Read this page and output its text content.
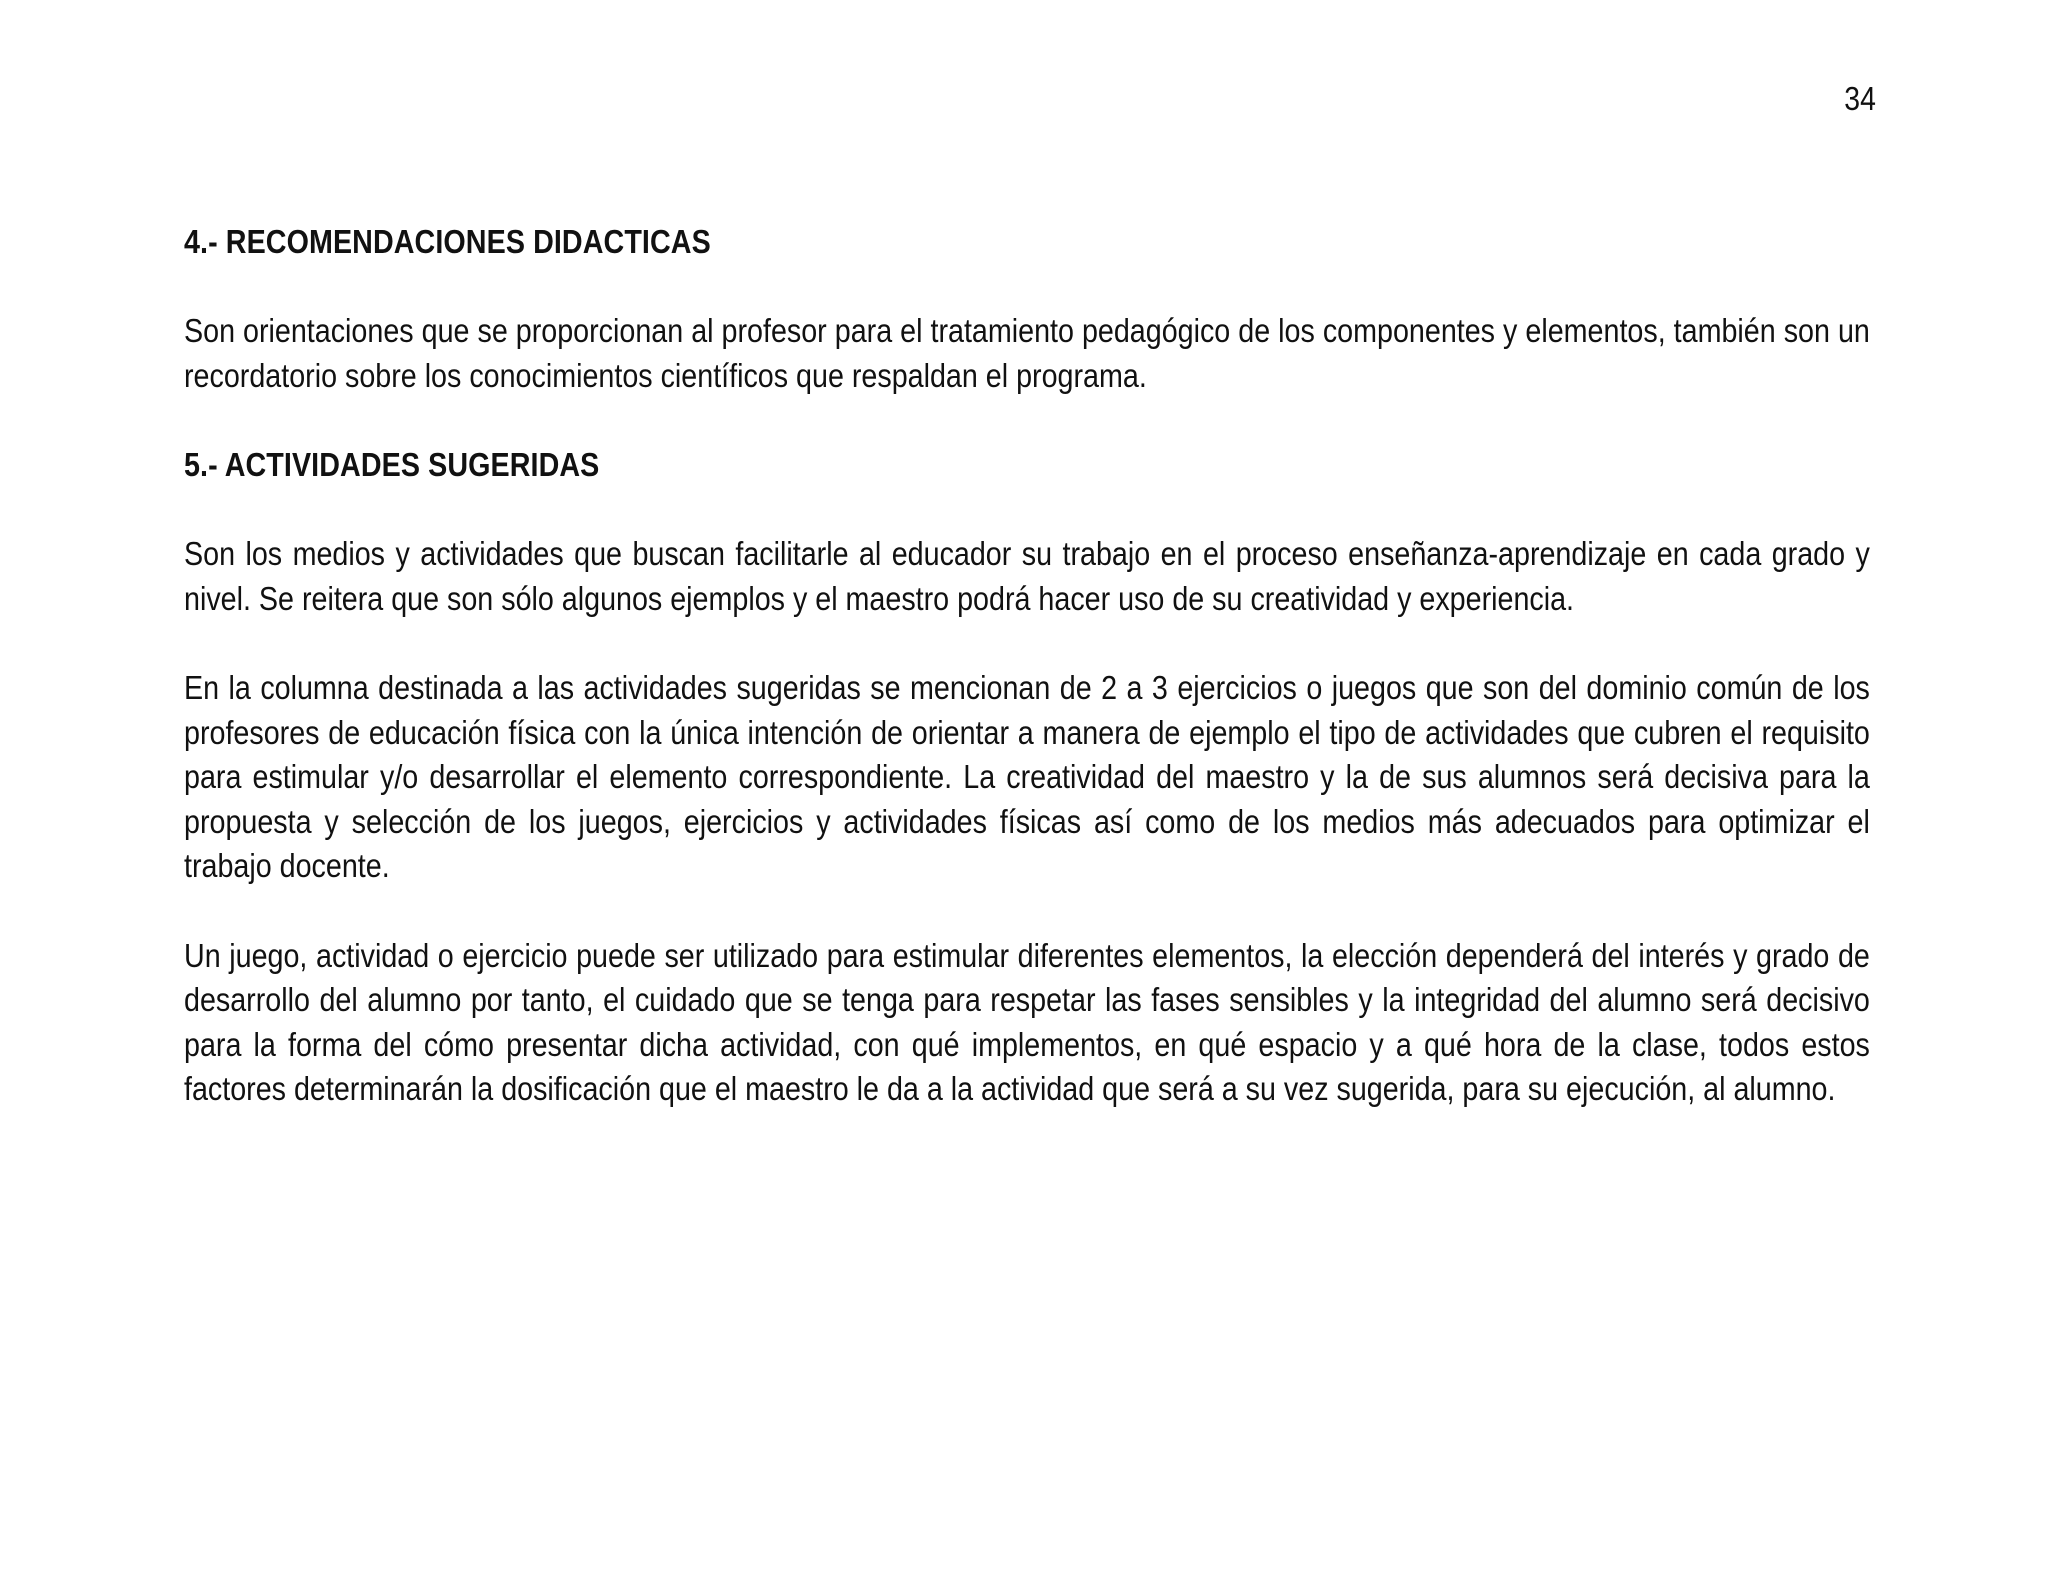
34
4.- RECOMENDACIONES DIDACTICAS

Son orientaciones que se proporcionan al profesor para el tratamiento pedagógico de los componentes y elementos, también son un recordatorio sobre los conocimientos científicos que respaldan el programa.

5.- ACTIVIDADES SUGERIDAS

Son los medios y actividades que buscan facilitarle al educador su trabajo en el proceso enseñanza-aprendizaje en cada grado y nivel. Se reitera que son sólo algunos ejemplos y el maestro podrá hacer uso de su creatividad y experiencia.

En la columna destinada a las actividades sugeridas se mencionan de 2 a 3 ejercicios o juegos que son del dominio común de los profesores de educación física con la única intención de orientar a manera de ejemplo el tipo de actividades que cubren el requisito para estimular y/o desarrollar el elemento correspondiente. La creatividad del maestro y la de sus alumnos será decisiva para la propuesta y selección de los juegos, ejercicios y actividades físicas así como de los medios más adecuados para optimizar el trabajo docente.

Un juego, actividad o ejercicio puede ser utilizado para estimular diferentes elementos, la elección dependerá del interés y grado de desarrollo del alumno por tanto, el cuidado que se tenga para respetar las fases sensibles y la integridad del alumno será decisivo para la forma del cómo presentar dicha actividad, con qué implementos, en qué espacio y a qué hora de la clase, todos estos factores determinarán la dosificación que el maestro le da a la actividad que será a su vez sugerida, para su ejecución, al alumno.
